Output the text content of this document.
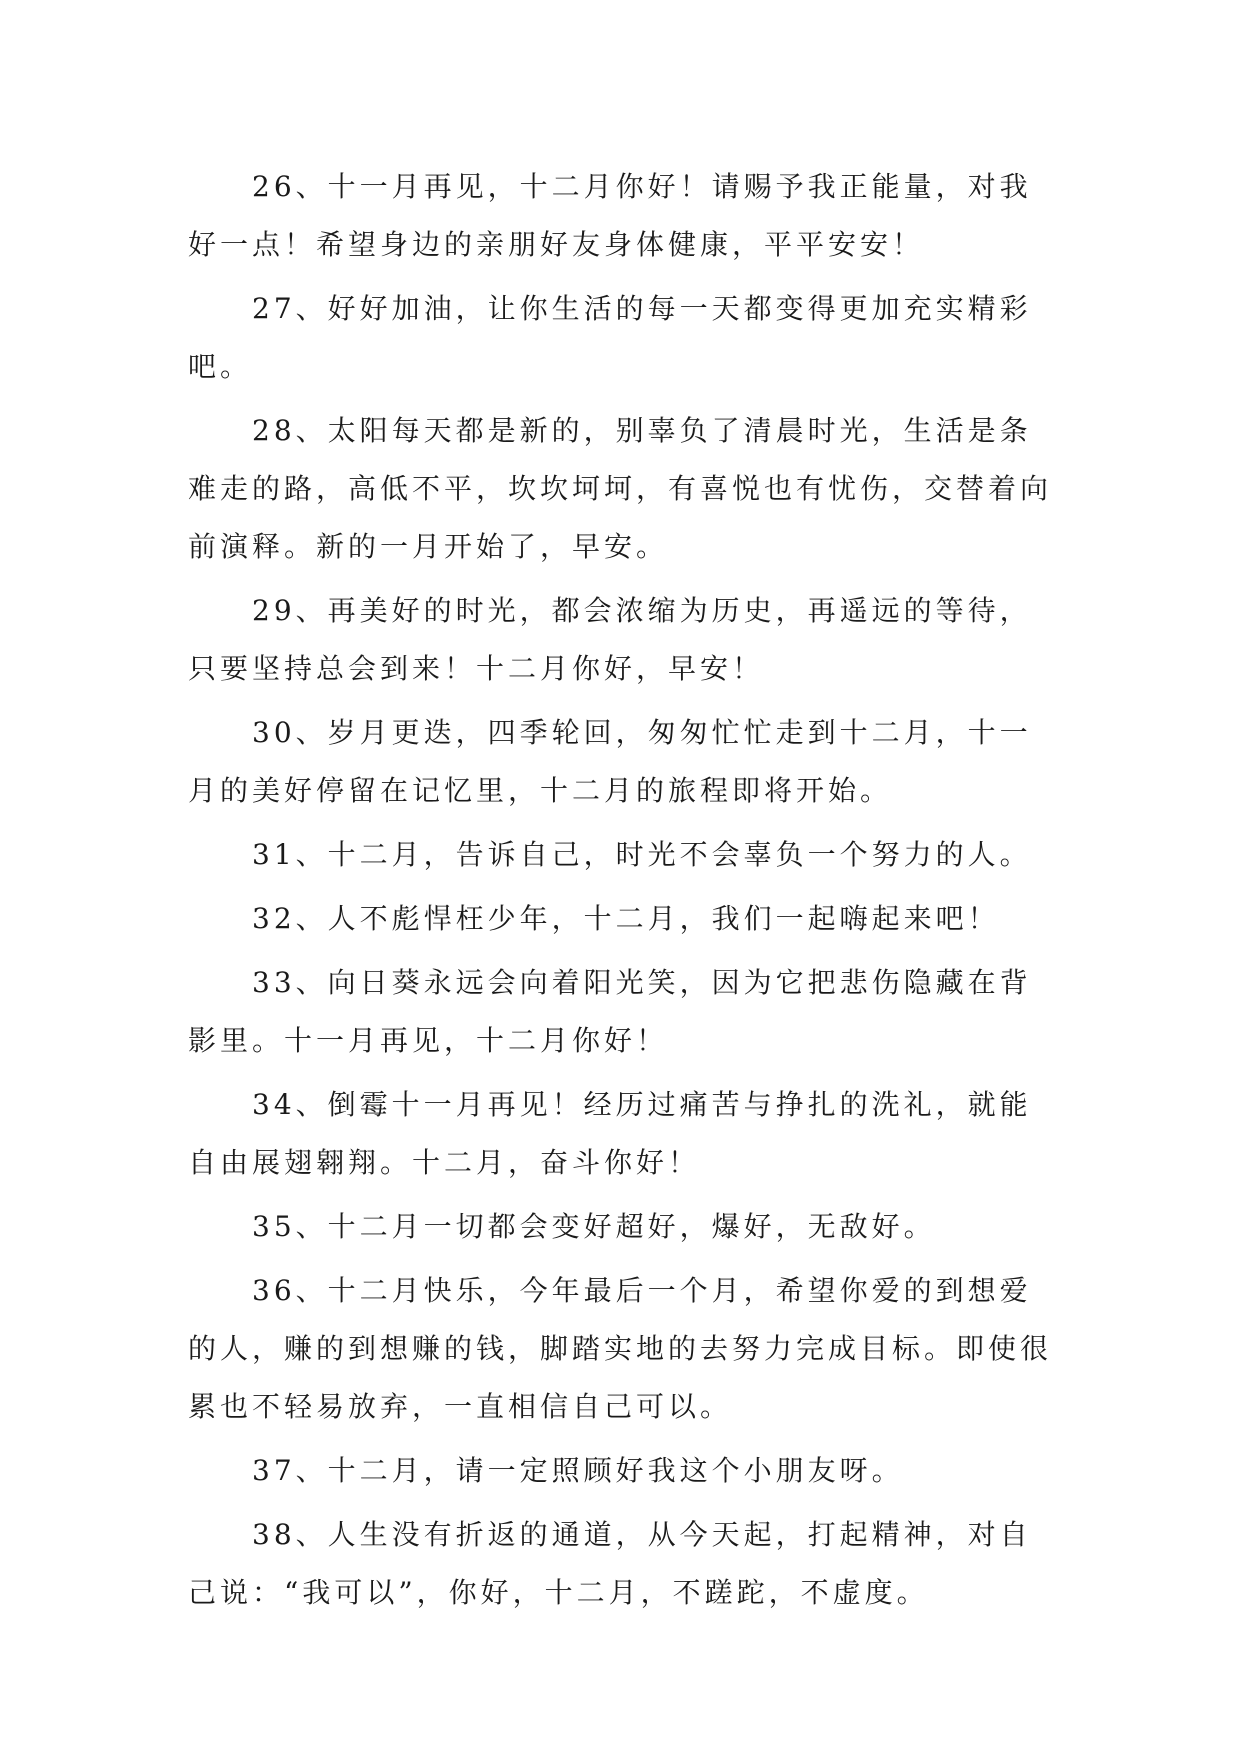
26、十一月再见，十二月你好！请赐予我正能量，对我好一点！希望身边的亲朋好友身体健康，平平安安！

27、好好加油，让你生活的每一天都变得更加充实精彩吧。

28、太阳每天都是新的，别辜负了清晨时光，生活是条难走的路，高低不平，坎坎坷坷，有喜悦也有忧伤，交替着向前演释。新的一月开始了，早安。

29、再美好的时光，都会浓缩为历史，再遥远的等待，只要坚持总会到来！十二月你好，早安！

30、岁月更迭，四季轮回，匆匆忙忙走到十二月，十一月的美好停留在记忆里，十二月的旅程即将开始。

31、十二月，告诉自己，时光不会辜负一个努力的人。

32、人不彪悍枉少年，十二月，我们一起嗨起来吧！

33、向日葵永远会向着阳光笑，因为它把悲伤隐藏在背影里。十一月再见，十二月你好！

34、倒霉十一月再见！经历过痛苦与挣扎的洗礼，就能自由展翅翱翔。十二月，奋斗你好！

35、十二月一切都会变好超好，爆好，无敌好。

36、十二月快乐，今年最后一个月，希望你爱的到想爱的人，赚的到想赚的钱，脚踏实地的去努力完成目标。即使很累也不轻易放弃，一直相信自己可以。

37、十二月，请一定照顾好我这个小朋友呀。

38、人生没有折返的通道，从今天起，打起精神，对自己说：“我可以”，你好，十二月，不蹉跎，不虚度。
